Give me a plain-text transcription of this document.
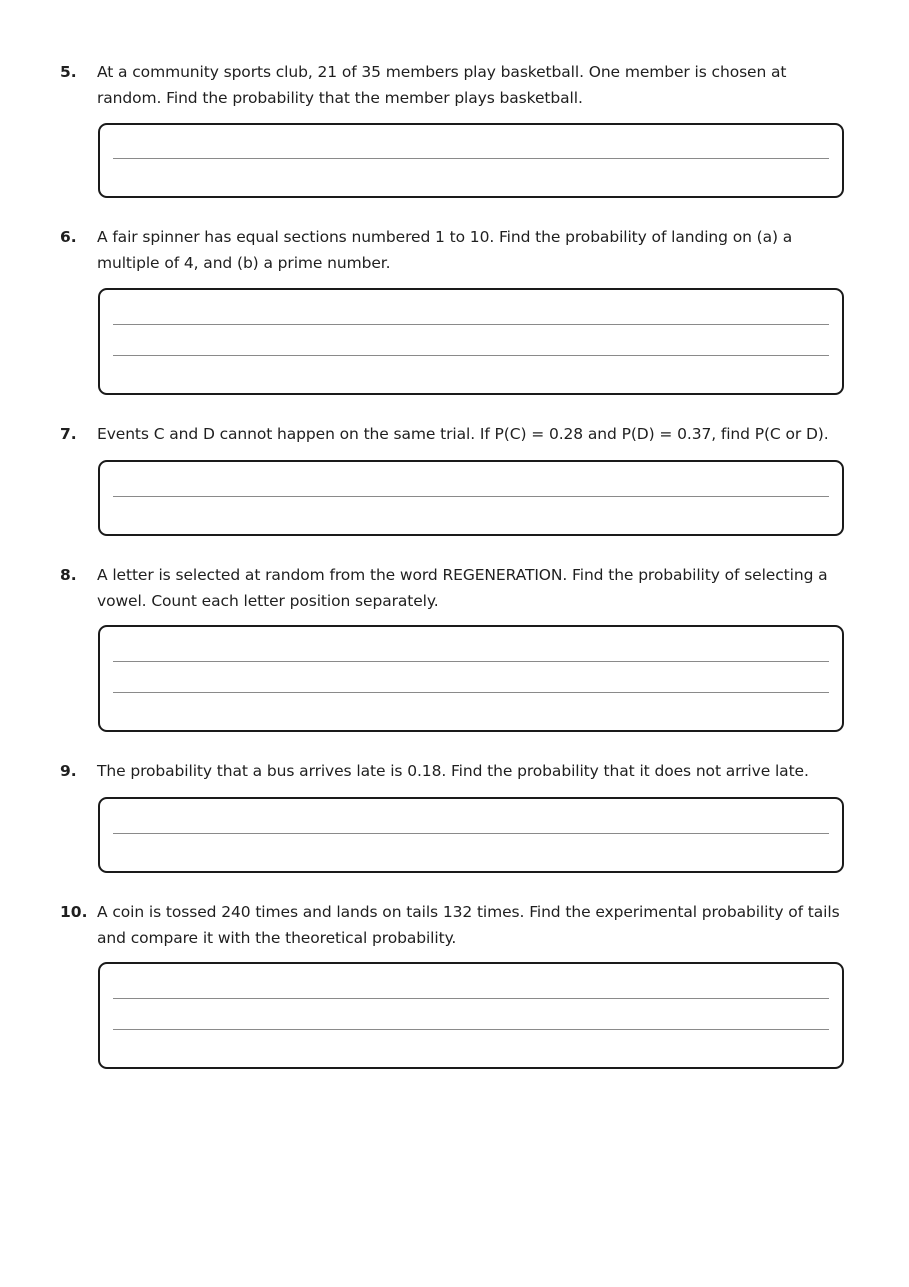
5.	At a community sports club, 21 of 35 members play basketball. One member is chosen at random. Find the probability that the member plays basketball.
6.	A fair spinner has equal sections numbered 1 to 10. Find the probability of landing on (a) a multiple of 4, and (b) a prime number.
7.	Events C and D cannot happen on the same trial. If P(C) = 0.28 and P(D) = 0.37, find P(C or D).
8.	A letter is selected at random from the word REGENERATION. Find the probability of selecting a vowel. Count each letter position separately.
9.	The probability that a bus arrives late is 0.18. Find the probability that it does not arrive late.
10. A coin is tossed 240 times and lands on tails 132 times. Find the experimental probability of tails and compare it with the theoretical probability.
